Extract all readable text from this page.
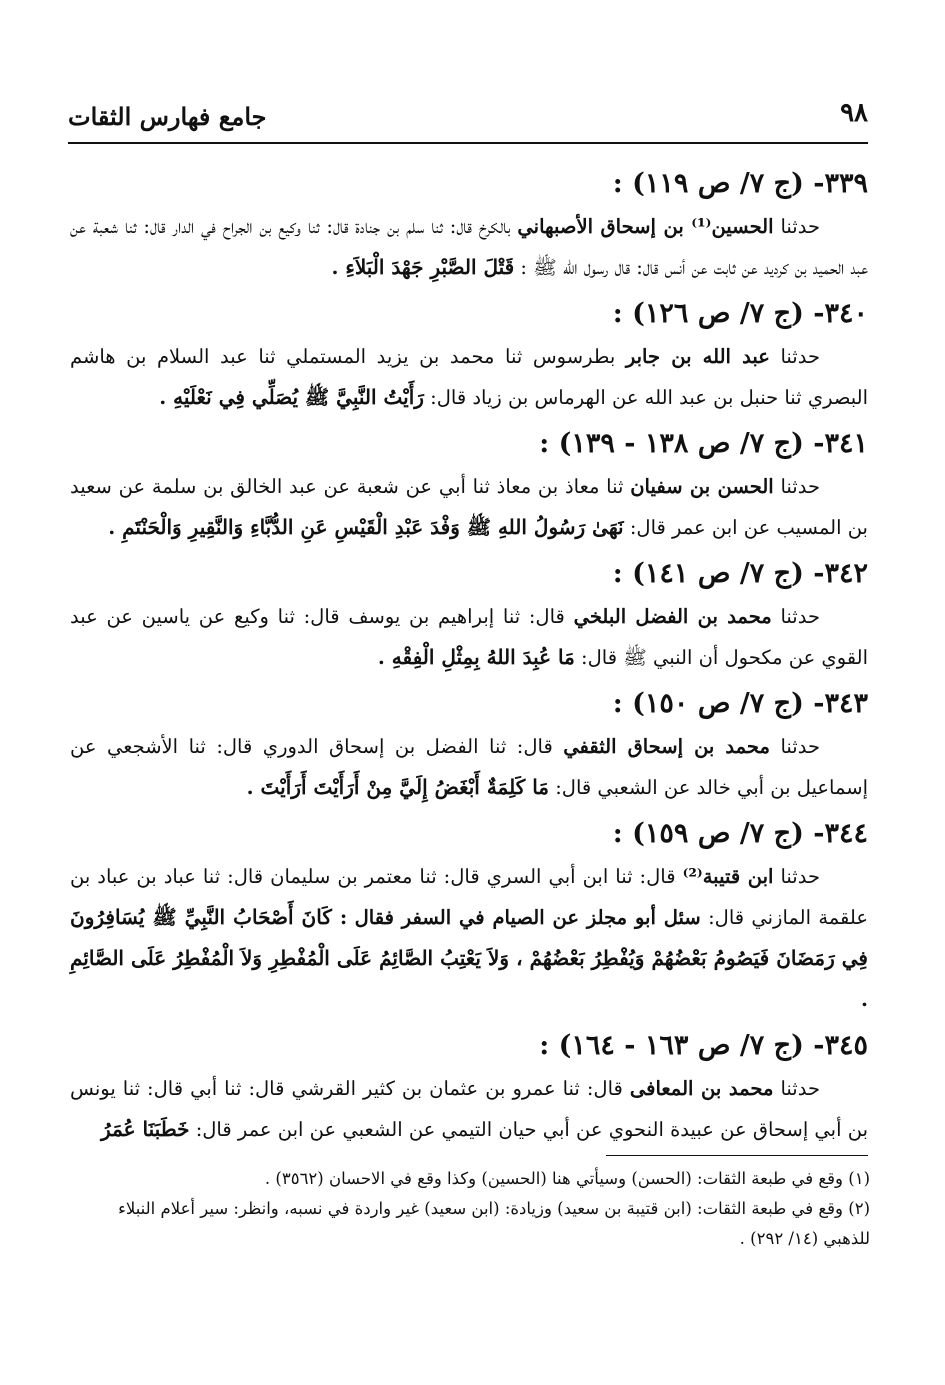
٩٨
جامع فهارس الثقات

٣٣٩- (ج ٧/ ص ١١٩) :

حدثنا الحسين⁽¹⁾ بن إسحاق الأصبهاني بالكرخ قال: ثنا سلم بن جنادة قال: ثنا وكيع بن الجراح في الدار قال: ثنا شعبة عن عبد الحميد بن كرديد عن ثابت عن أنس قال: قال رسول الله ﷺ : قَتْلَ الصَّبْرِ جَهْدَ الْبَلاَءِ .

٣٤٠- (ج ٧/ ص ١٢٦) :

حدثنا عبد الله بن جابر بطرسوس ثنا محمد بن يزيد المستملي ثنا عبد السلام بن هاشم البصري ثنا حنبل بن عبد الله عن الهرماس بن زياد قال: رَأَيْتُ النَّبِيَّ ﷺ يُصَلِّي فِي نَعْلَيْهِ .

٣٤١- (ج ٧/ ص ١٣٨ - ١٣٩) :

حدثنا الحسن بن سفيان ثنا معاذ بن معاذ ثنا أبي عن شعبة عن عبد الخالق بن سلمة عن سعيد بن المسيب عن ابن عمر قال: نَهَىٰ رَسُولُ اللهِ ﷺ وَفْدَ عَبْدِ الْقَيْسِ عَنِ الدُّبَّاءِ وَالنَّقِيرِ وَالْحَنْتَمِ .

٣٤٢- (ج ٧/ ص ١٤١) :

حدثنا محمد بن الفضل البلخي قال: ثنا إبراهيم بن يوسف قال: ثنا وكيع عن ياسين عن عبد القوي عن مكحول أن النبي ﷺ قال: مَا عُبِدَ اللهُ بِمِثْلِ الْفِقْهِ .

٣٤٣- (ج ٧/ ص ١٥٠) :

حدثنا محمد بن إسحاق الثقفي قال: ثنا الفضل بن إسحاق الدوري قال: ثنا الأشجعي عن إسماعيل بن أبي خالد عن الشعبي قال: مَا كَلِمَةٌ أَبْغَضُ إِلَيَّ مِنْ أَرَأَيْتَ أَرَأَيْتَ .

٣٤٤- (ج ٧/ ص ١٥٩) :

حدثنا ابن قتيبة⁽²⁾ قال: ثنا ابن أبي السري قال: ثنا معتمر بن سليمان قال: ثنا عباد بن عباد بن علقمة المازني قال: سئل أبو مجلز عن الصيام في السفر فقال : كَانَ أَصْحَابُ النَّبِيِّ ﷺ يُسَافِرُونَ فِي رَمَضَانَ فَيَصُومُ بَعْضُهُمْ وَيُفْطِرُ بَعْضُهُمْ ، وَلاَ يَعْتِبُ الصَّائِمُ عَلَى الْمُفْطِرِ وَلاَ الْمُفْطِرُ عَلَى الصَّائِمِ .

٣٤٥- (ج ٧/ ص ١٦٣ - ١٦٤) :

حدثنا محمد بن المعافى قال: ثنا عمرو بن عثمان بن كثير القرشي قال: ثنا أبي قال: ثنا يونس بن أبي إسحاق عن عبيدة النحوي عن أبي حيان التيمي عن الشعبي عن ابن عمر قال: خَطَبَنَا عُمَرُ

(١) وقع في طبعة الثقات: (الحسن) وسيأتي هنا (الحسين) وكذا وقع في الاحسان (٣٥٦٢) .

(٢) وقع في طبعة الثقات: (ابن قتيبة بن سعيد) وزيادة: (ابن سعيد) غير واردة في نسبه، وانظر: سير أعلام النبلاء للذهبي (١٤/ ٢٩٢) .
